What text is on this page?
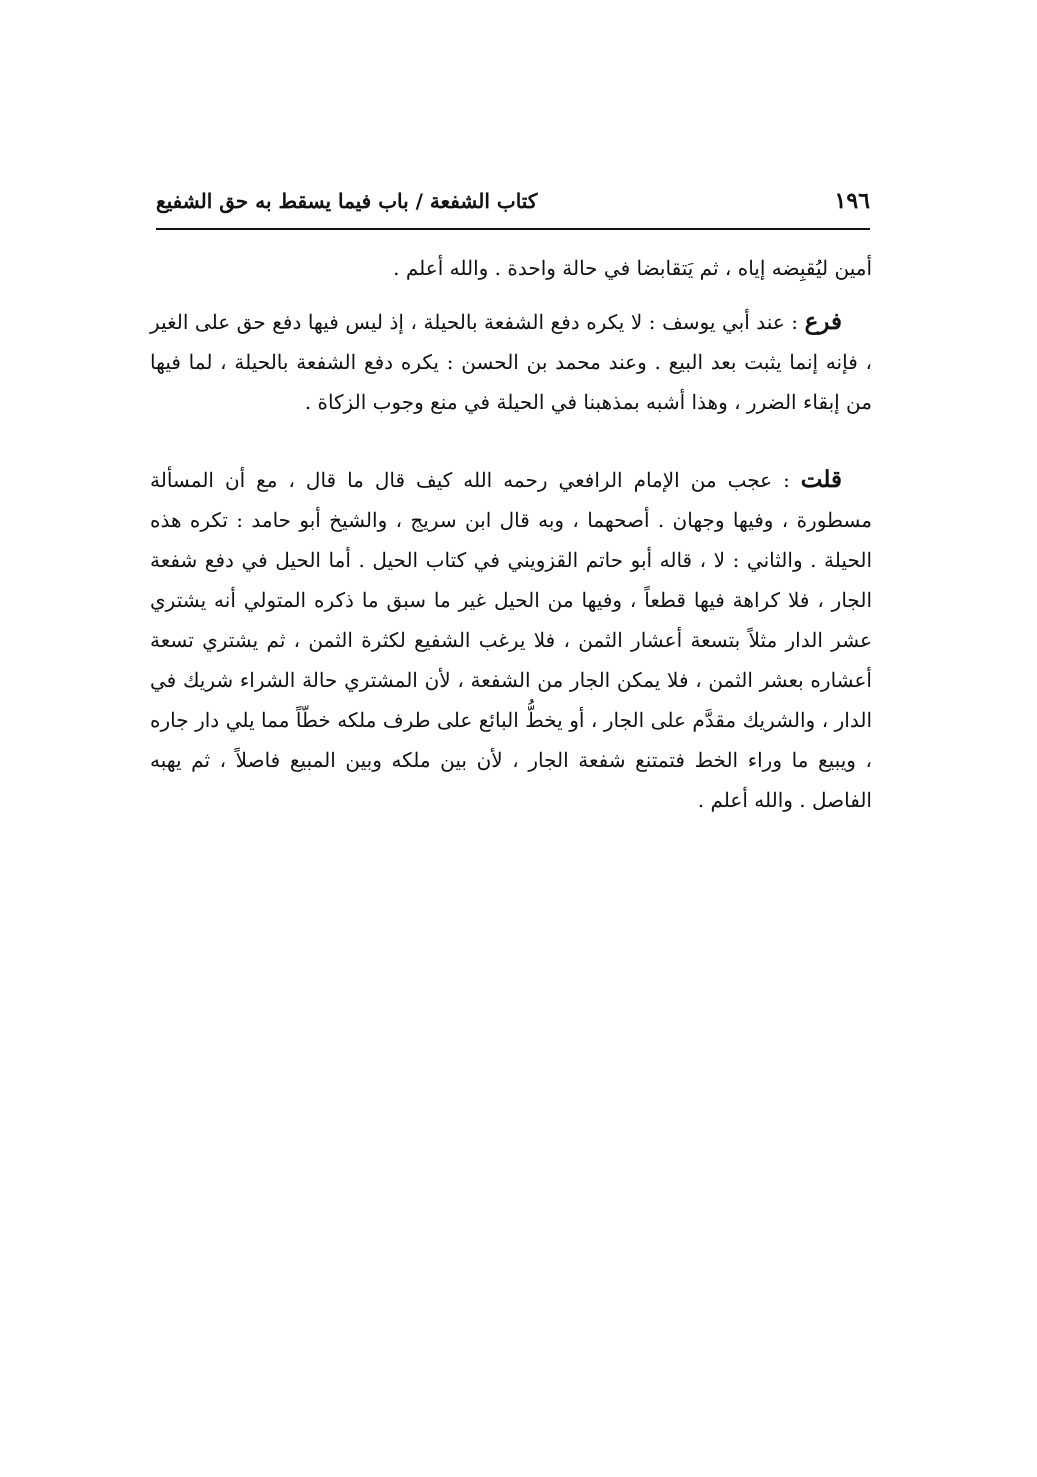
١٩٦
كتاب الشفعة / باب فيما يسقط به حق الشفيع

أمين ليُقبِضه إياه ، ثم يَتقابضا في حالة واحدة . والله أعلم .

فرع : عند أبي يوسف : لا يكره دفع الشفعة بالحيلة ، إذ ليس فيها دفع حق على الغير ، فإنه إنما يثبت بعد البيع . وعند محمد بن الحسن : يكره دفع الشفعة بالحيلة ، لما فيها من إبقاء الضرر ، وهذا أشبه بمذهبنا في الحيلة في منع وجوب الزكاة .

قلت : عجب من الإمام الرافعي رحمه الله كيف قال ما قال ، مع أن المسألة مسطورة ، وفيها وجهان . أصحهما ، وبه قال ابن سريج ، والشيخ أبو حامد : تكره هذه الحيلة . والثاني : لا ، قاله أبو حاتم القزويني في كتاب الحيل . أما الحيل في دفع شفعة الجار ، فلا كراهة فيها قطعاً ، وفيها من الحيل غير ما سبق ما ذكره المتولي أنه يشتري عشر الدار مثلاً بتسعة أعشار الثمن ، فلا يرغب الشفيع لكثرة الثمن ، ثم يشتري تسعة أعشاره بعشر الثمن ، فلا يمكن الجار من الشفعة ، لأن المشتري حالة الشراء شريك في الدار ، والشريك مقدَّم على الجار ، أو يخطُّ البائع على طرف ملكه خطّاً مما يلي دار جاره ، ويبيع ما وراء الخط فتمتنع شفعة الجار ، لأن بين ملكه وبين المبيع فاصلاً ، ثم يهبه الفاصل . والله أعلم .
